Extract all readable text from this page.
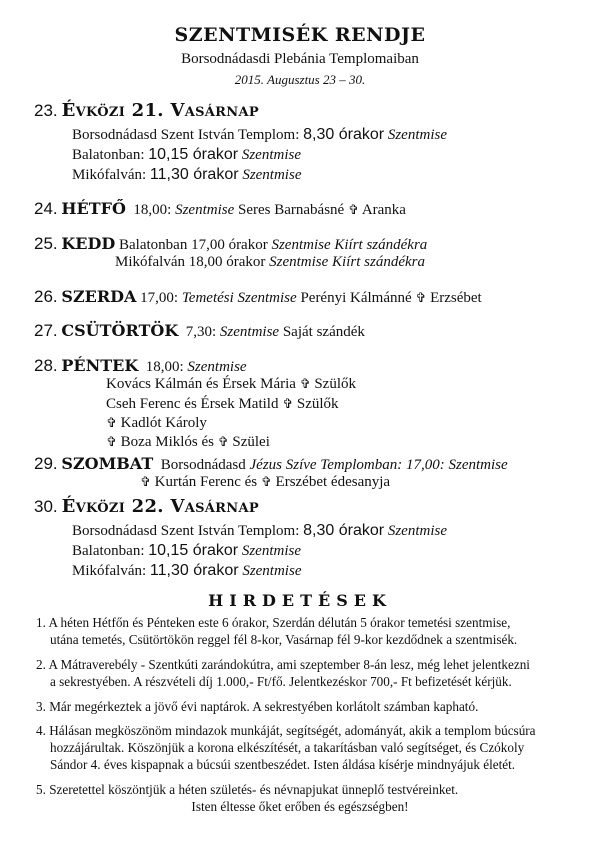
SZENTMISÉK RENDJE
Borsodnádasdi Plebánia Templomaiban
2015. Augusztus 23 – 30.
23. Évközi 21. Vasárnap
Borsodnádasd Szent István Templom: 8,30 órakor Szentmise
Balatonban: 10,15 órakor Szentmise
Mikófalván: 11,30 órakor Szentmise
24. HÉTFŐ 18,00: Szentmise Seres Barnabásné ✞ Aranka
25. KEDD Balatonban 17,00 órakor Szentmise Kiírt szándékra
Mikófalván 18,00 órakor Szentmise Kiírt szándékra
26. SZERDA 17,00: Temetési Szentmise Perényi Kálmánné ✞ Erzsébet
27. CSÜTÖRTÖK 7,30: Szentmise Saját szándék
28. PÉNTEK 18,00: Szentmise
Kovács Kálmán és Érsek Mária ✞ Szülők
Cseh Ferenc és Érsek Matild ✞ Szülők
✞ Kadlót Károly
✞ Boza Miklós és ✞ Szülei
29. SZOMBAT Borsodnádasd Jézus Szíve Templomban: 17,00: Szentmise
✞ Kurtán Ferenc és ✞ Erszébet édesanyja
30. Évközi 22. Vasárnap
Borsodnádasd Szent István Templom: 8,30 órakor Szentmise
Balatonban: 10,15 órakor Szentmise
Mikófalván: 11,30 órakor Szentmise
HIRDETÉSEK
1. A héten Hétfőn és Pénteken este 6 órakor, Szerdán délután 5 órakor temetési szentmise,
utána temetés, Csütörtökön reggel fél 8-kor, Vasárnap fél 9-kor kezdődnek a szentmisék.
2. A Mátraverebély - Szentkúti zarándokútra, ami szeptember 8-án lesz, még lehet jelentkezni
a sekrestyében. A részvételi díj 1.000,- Ft/fő. Jelentkezéskor 700,- Ft befizetését kérjük.
3. Már megérkeztek a jövő évi naptárok. A sekrestyében korlátolt számban kapható.
4. Hálásan megköszönöm mindazok munkáját, segítségét, adományát, akik a templom búcsúra
hozzájárultak. Köszönjük a korona elkészítését, a takarításban való segítséget, és Czókoly
Sándor 4. éves kispapnak a búcsúi szentbeszédet. Isten áldása kísérje mindnyájuk életét.
5. Szeretettel köszöntjük a héten születés- és névnapjukat ünneplő testvéreinket.
Isten éltesse őket erőben és egészségben!
